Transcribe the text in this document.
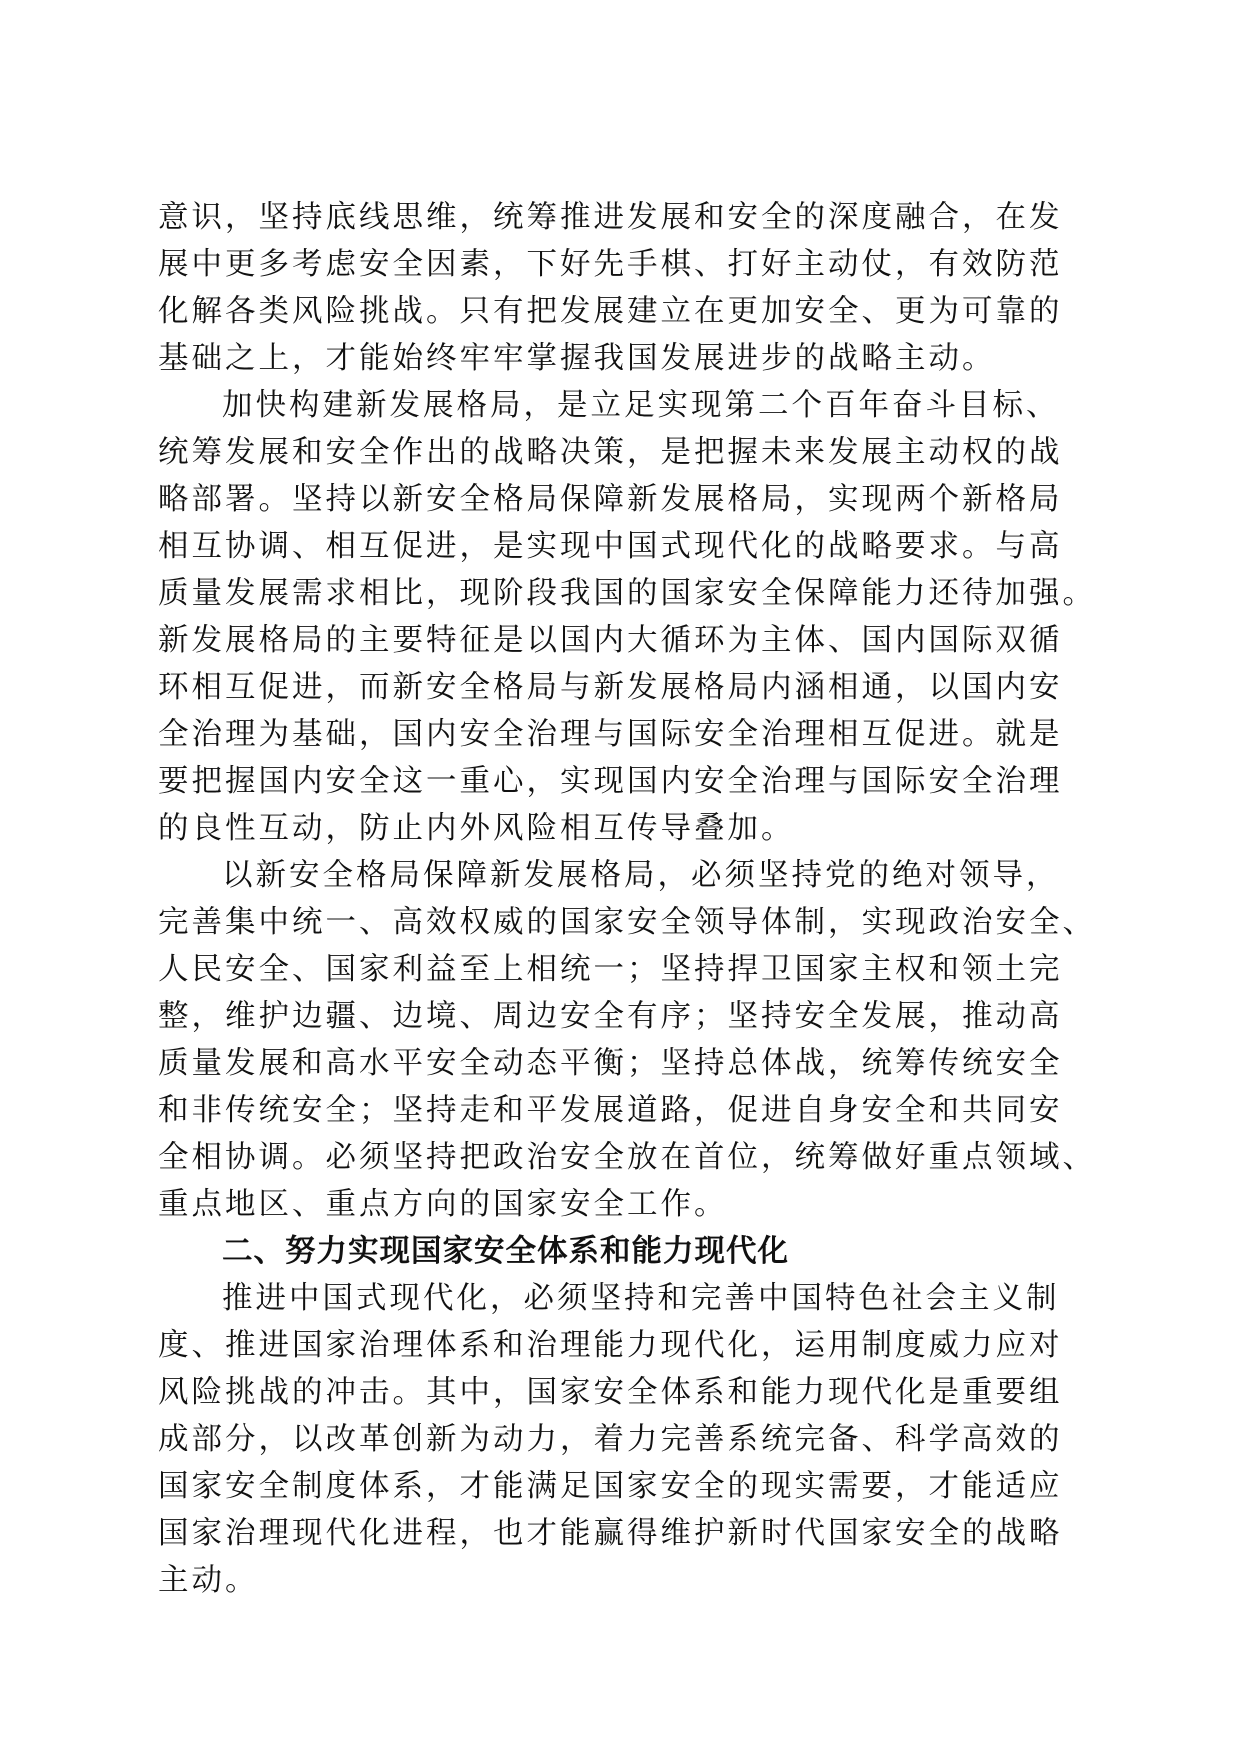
意识，坚持底线思维，统筹推进发展和安全的深度融合，在发
展中更多考虑安全因素，下好先手棋、打好主动仗，有效防范
化解各类风险挑战。只有把发展建立在更加安全、更为可靠的
基础之上，才能始终牢牢掌握我国发展进步的战略主动。
加快构建新发展格局，是立足实现第二个百年奋斗目标、
统筹发展和安全作出的战略决策，是把握未来发展主动权的战
略部署。坚持以新安全格局保障新发展格局，实现两个新格局
相互协调、相互促进，是实现中国式现代化的战略要求。与高
质量发展需求相比，现阶段我国的国家安全保障能力还待加强。
新发展格局的主要特征是以国内大循环为主体、国内国际双循
环相互促进，而新安全格局与新发展格局内涵相通，以国内安
全治理为基础，国内安全治理与国际安全治理相互促进。就是
要把握国内安全这一重心，实现国内安全治理与国际安全治理
的良性互动，防止内外风险相互传导叠加。
以新安全格局保障新发展格局，必须坚持党的绝对领导，
完善集中统一、高效权威的国家安全领导体制，实现政治安全、
人民安全、国家利益至上相统一；坚持捍卫国家主权和领土完
整，维护边疆、边境、周边安全有序；坚持安全发展，推动高
质量发展和高水平安全动态平衡；坚持总体战，统筹传统安全
和非传统安全；坚持走和平发展道路，促进自身安全和共同安
全相协调。必须坚持把政治安全放在首位，统筹做好重点领域、
重点地区、重点方向的国家安全工作。
二、努力实现国家安全体系和能力现代化
推进中国式现代化，必须坚持和完善中国特色社会主义制
度、推进国家治理体系和治理能力现代化，运用制度威力应对
风险挑战的冲击。其中，国家安全体系和能力现代化是重要组
成部分，以改革创新为动力，着力完善系统完备、科学高效的
国家安全制度体系，才能满足国家安全的现实需要，才能适应
国家治理现代化进程，也才能赢得维护新时代国家安全的战略
主动。
